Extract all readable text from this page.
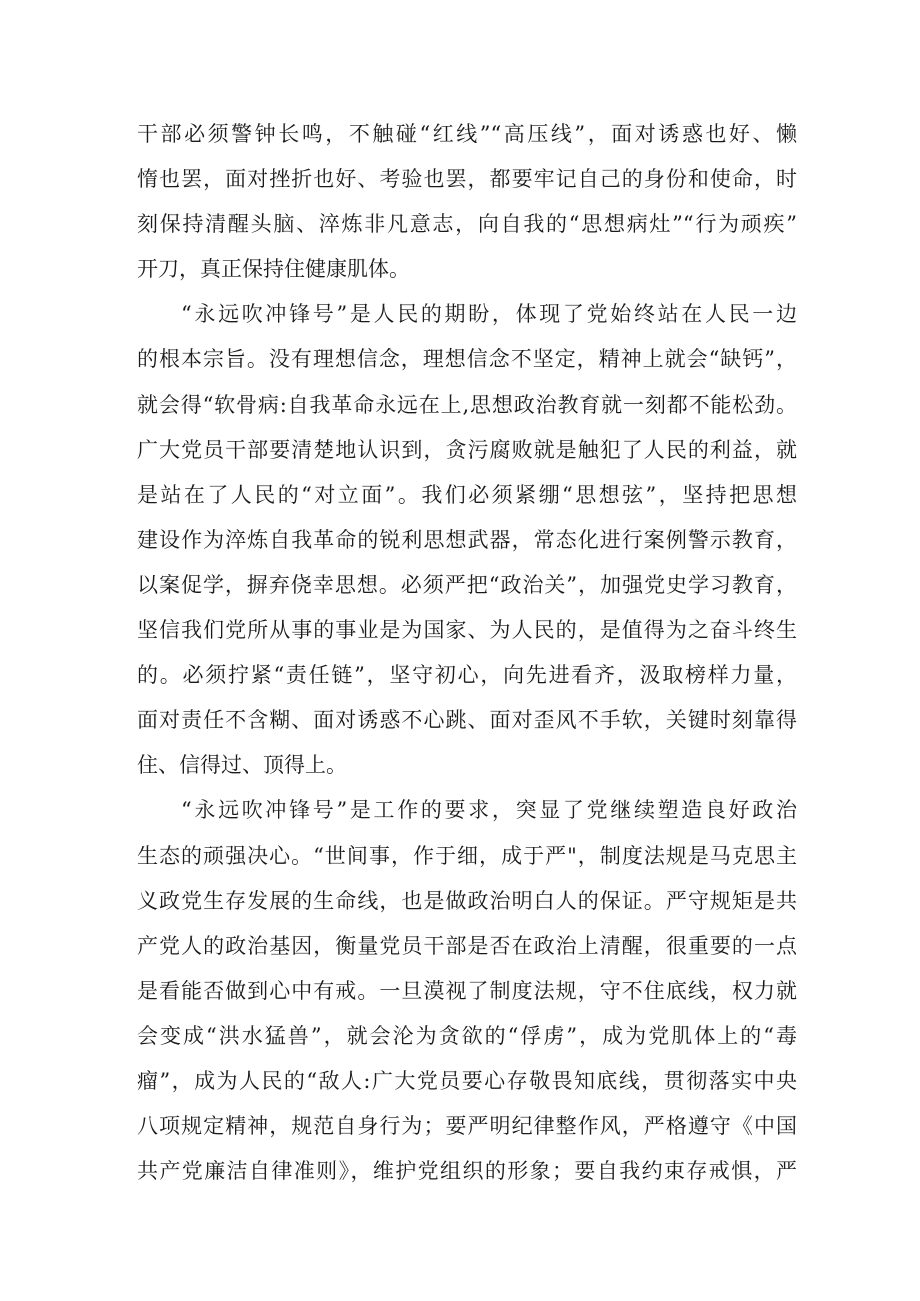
干部必须警钟长鸣，不触碰“红线”“高压线”，面对诱惑也好、懒
惰也罢，面对挫折也好、考验也罢，都要牢记自己的身份和使命，时
刻保持清醒头脑、淬炼非凡意志，向自我的“思想病灶”“行为顽疾”
开刀，真正保持住健康肌体。
“永远吹冲锋号”是人民的期盼，体现了党始终站在人民一边
的根本宗旨。没有理想信念，理想信念不坚定，精神上就会“缺钙”，
就会得“软骨病:自我革命永远在上,思想政治教育就一刻都不能松劲。
广大党员干部要清楚地认识到，贪污腐败就是触犯了人民的利益，就
是站在了人民的“对立面”。我们必须紧绷“思想弦”，坚持把思想
建设作为淬炼自我革命的锐利思想武器，常态化进行案例警示教育，
以案促学，摒弃侥幸思想。必须严把“政治关”，加强党史学习教育，
坚信我们党所从事的事业是为国家、为人民的，是值得为之奋斗终生
的。必须拧紧“责任链”，坚守初心，向先进看齐，汲取榜样力量，
面对责任不含糊、面对诱惑不心跳、面对歪风不手软，关键时刻靠得
住、信得过、顶得上。
“永远吹冲锋号”是工作的要求，突显了党继续塑造良好政治
生态的顽强决心。“世间事，作于细，成于严"，制度法规是马克思主
义政党生存发展的生命线，也是做政治明白人的保证。严守规矩是共
产党人的政治基因，衡量党员干部是否在政治上清醒，很重要的一点
是看能否做到心中有戒。一旦漠视了制度法规，守不住底线，权力就
会变成“洪水猛兽”，就会沦为贪欲的“俘虏”，成为党肌体上的“毒
瘤”，成为人民的“敌人:广大党员要心存敬畏知底线，贯彻落实中央
八项规定精神，规范自身行为；要严明纪律整作风，严格遵守《中国
共产党廉洁自律准则》，维护党组织的形象；要自我约束存戒惧，严
